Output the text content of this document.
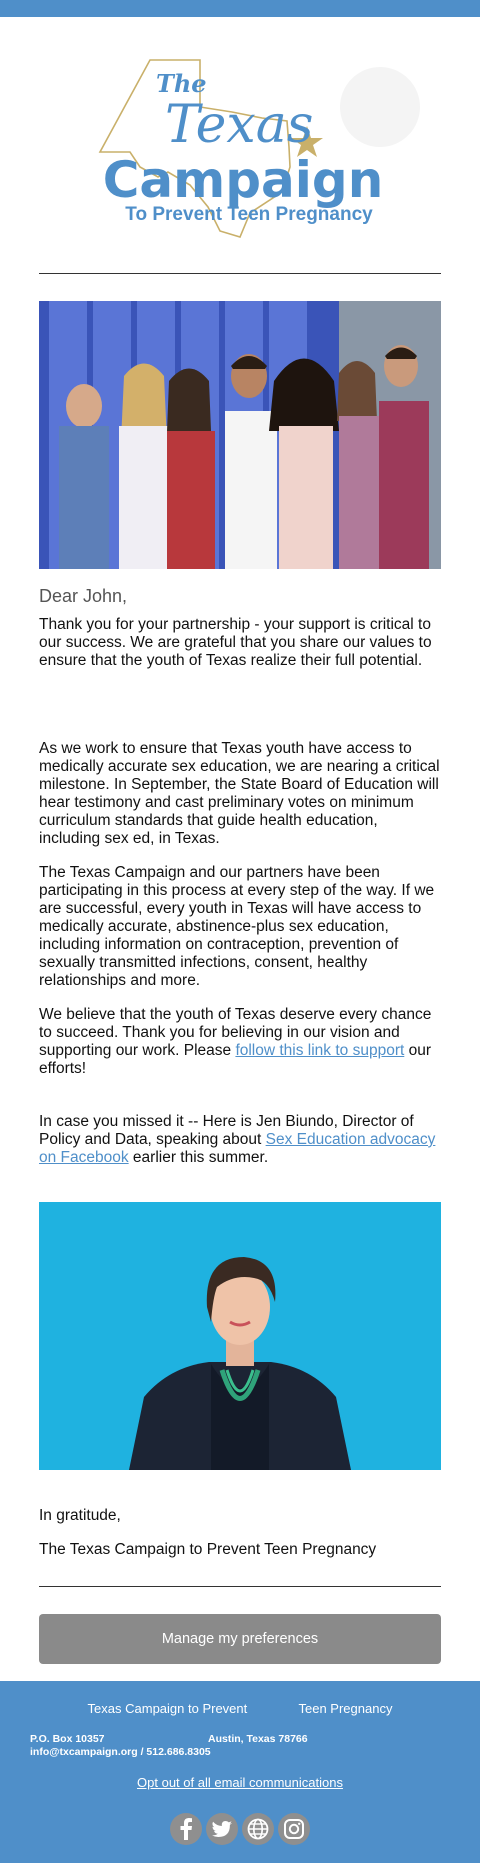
The
Texas
Campaign
To Prevent Teen Pregnancy
Dear John,
Thank you for your partnership - your support is critical to our success. We are grateful that you share our values to ensure that the youth of Texas realize their full potential.
As we work to ensure that Texas youth have access to medically accurate sex education, we are nearing a critical milestone. In September, the State Board of Education will hear testimony and cast preliminary votes on minimum curriculum standards that guide health education, including sex ed, in Texas.
The Texas Campaign and our partners have been participating in this process at every step of the way. If we are successful, every youth in Texas will have access to medically accurate, abstinence-plus sex education, including information on contraception, prevention of sexually transmitted infections, consent, healthy relationships and more.
We believe that the youth of Texas deserve every chance to succeed. Thank you for believing in our vision and supporting our work. Please follow this link to support our efforts!
In case you missed it -- Here is Jen Biundo, Director of Policy and Data, speaking about Sex Education advocacy on Facebook earlier this summer.
In gratitude,
The Texas Campaign to Prevent Teen Pregnancy
Manage my preferences
Texas Campaign to Prevent	Teen Pregnancy
P.O. Box 10357	Austin, Texas 78766
info@txcampaign.org / 512.686.8305
Opt out of all email communications
